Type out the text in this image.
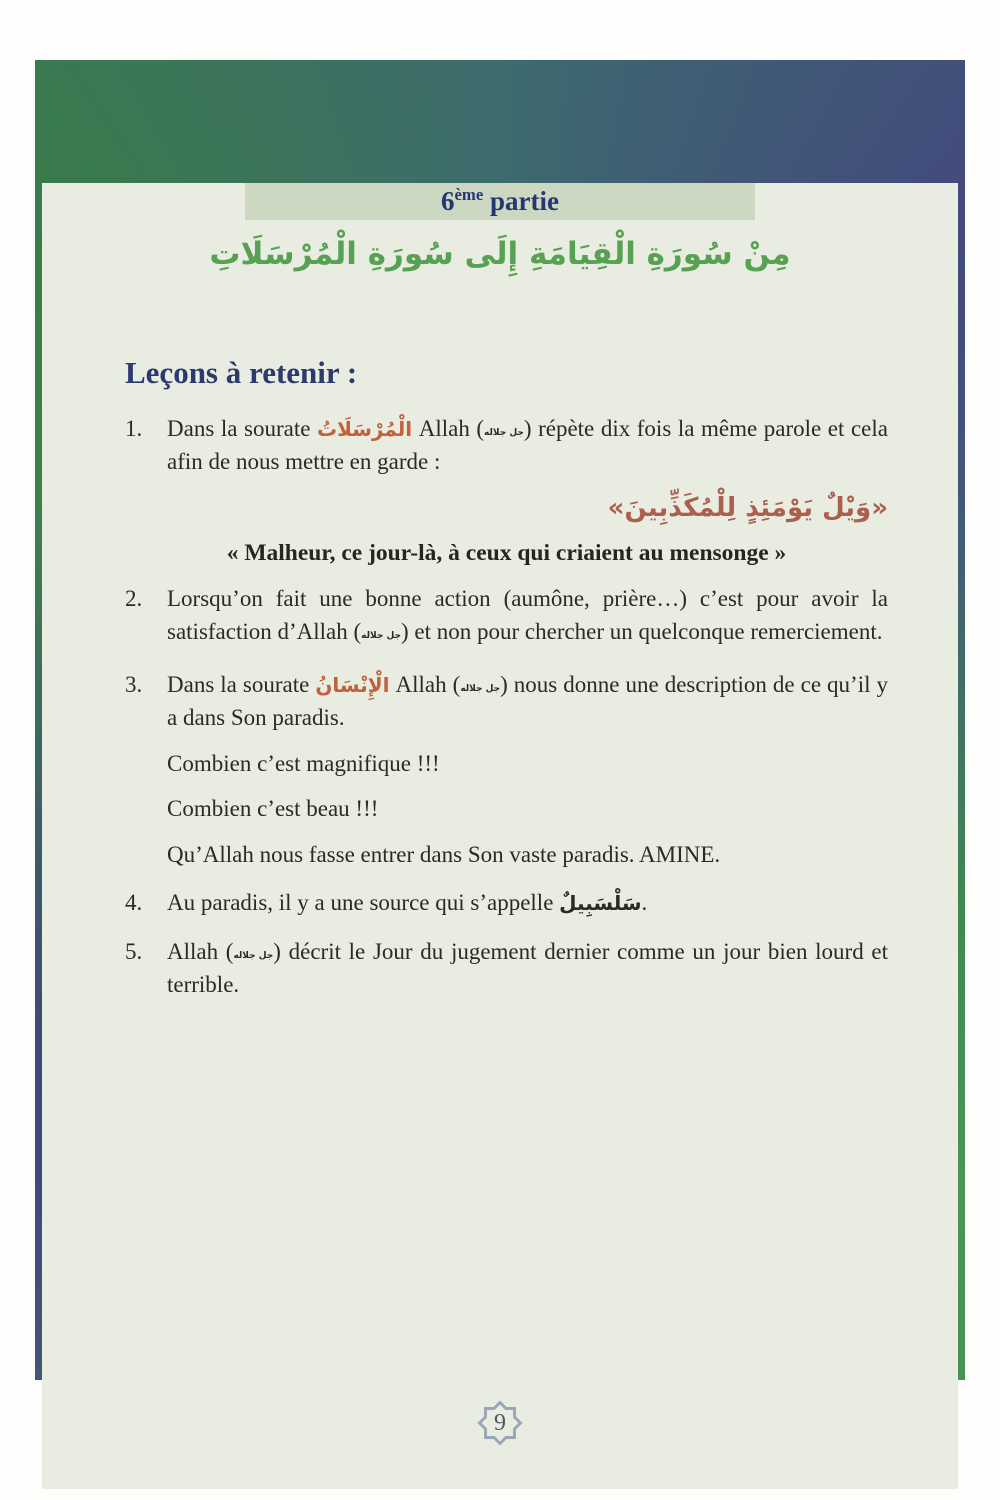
6ème partie
مِنْ سُورَةِ الْقِيَامَةِ إِلَى سُورَةِ الْمُرْسَلَاتِ
Leçons à retenir :
1.	Dans la sourate الْمُرْسَلَاتُ Allah (جل جلاله) répète dix fois la même parole et cela afin de nous mettre en garde :

«وَيْلٌ يَوْمَئِذٍ لِلْمُكَذِّبِينَ»
« Malheur, ce jour-là, à ceux qui criaient au mensonge »
2.	Lorsqu’on fait une bonne action (aumône, prière…) c’est pour avoir la satisfaction d’Allah (جل جلاله) et non pour chercher un quelconque remerciement.

3.	Dans la sourate الْإِنْسَانُ Allah (جل جلاله) nous donne une description de ce qu’il y a dans Son paradis.

Combien c’est magnifique !!!
Combien c’est beau !!!
Qu’Allah nous fasse entrer dans Son vaste paradis. AMINE.
4.	Au paradis, il y a une source qui s’appelle سَلْسَبِيلٌ.

5.	Allah (جل جلاله) décrit le Jour du jugement dernier comme un jour bien lourd et terrible.

9
